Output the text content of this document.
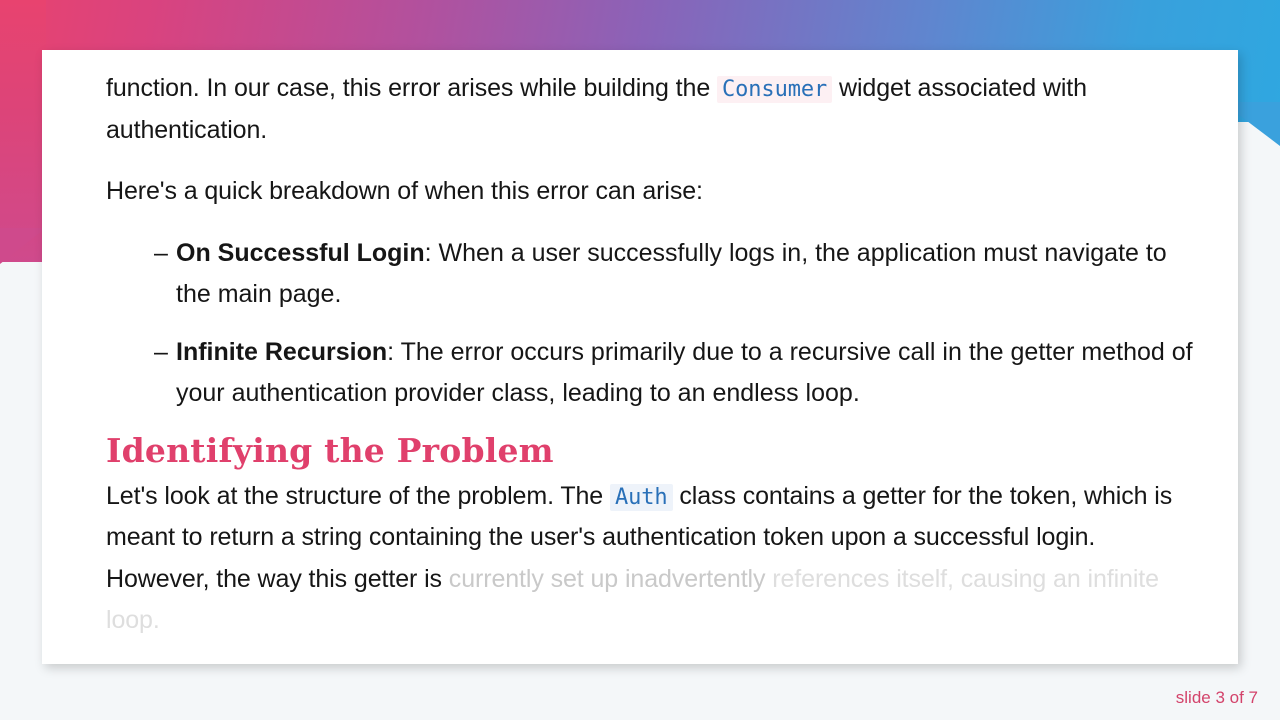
function. In our case, this error arises while building the Consumer widget associated with authentication.

Here's a quick breakdown of when this error can arise:

– On Successful Login: When a user successfully logs in, the application must navigate to the main page.
– Infinite Recursion: The error occurs primarily due to a recursive call in the getter method of your authentication provider class, leading to an endless loop.
Identifying the Problem

Let's look at the structure of the problem. The Auth class contains a getter for the token, which is meant to return a string containing the user's authentication token upon a successful login. However, the way this getter is currently set up inadvertently references itself, causing an infinite loop.

slide 3 of 7
